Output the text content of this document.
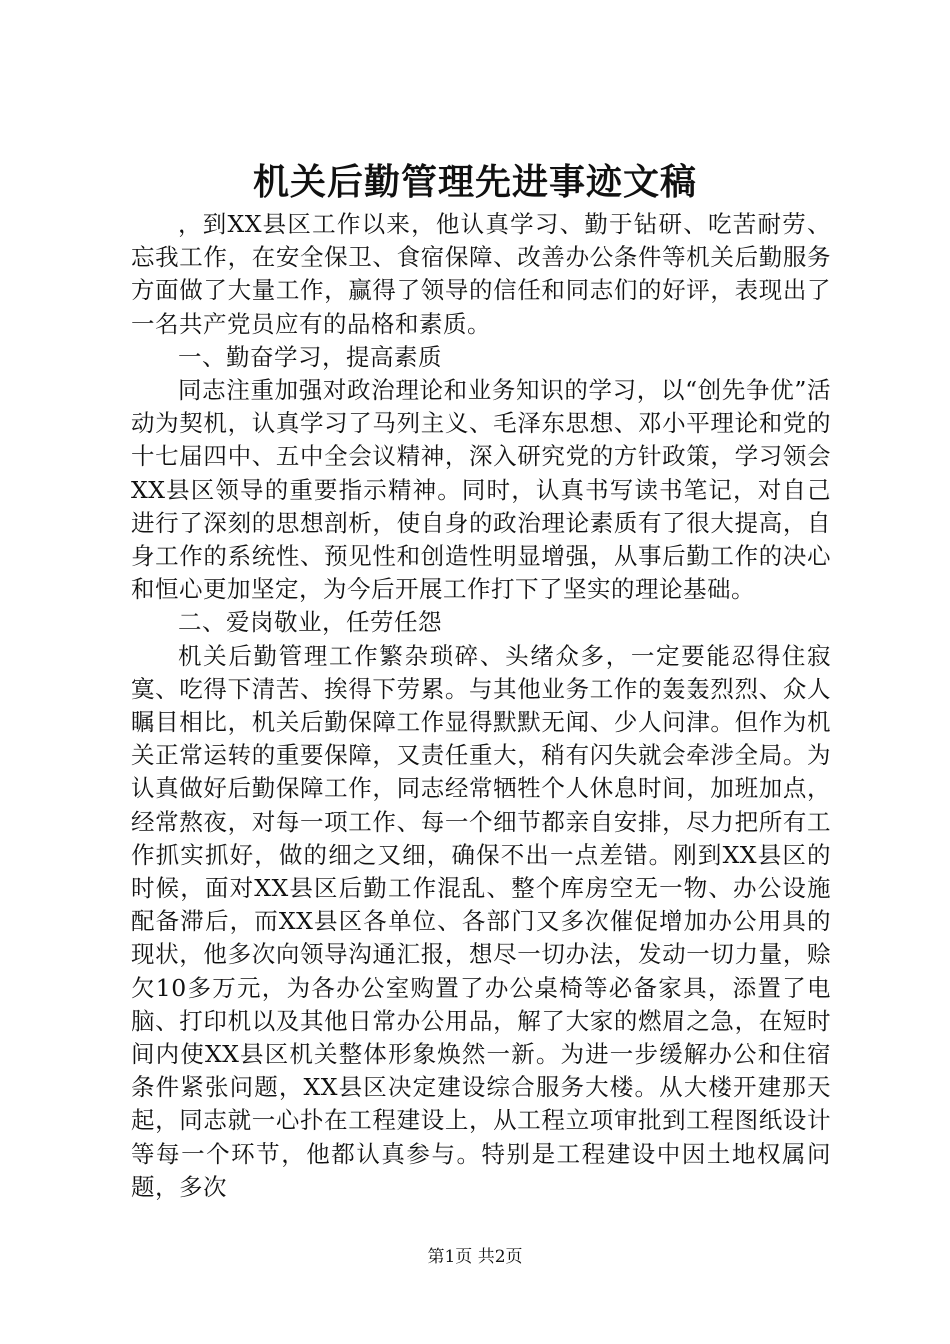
机关后勤管理先进事迹文稿

，到XX县区工作以来，他认真学习、勤于钻研、吃苦耐劳、忘我工作，在安全保卫、食宿保障、改善办公条件等机关后勤服务方面做了大量工作，赢得了领导的信任和同志们的好评，表现出了一名共产党员应有的品格和素质。

一、勤奋学习，提高素质

同志注重加强对政治理论和业务知识的学习，以“创先争优”活动为契机，认真学习了马列主义、毛泽东思想、邓小平理论和党的十七届四中、五中全会议精神，深入研究党的方针政策，学习领会XX县区领导的重要指示精神。同时，认真书写读书笔记，对自己进行了深刻的思想剖析，使自身的政治理论素质有了很大提高，自身工作的系统性、预见性和创造性明显增强，从事后勤工作的决心和恒心更加坚定，为今后开展工作打下了坚实的理论基础。

二、爱岗敬业，任劳任怨

机关后勤管理工作繁杂琐碎、头绪众多，一定要能忍得住寂寞、吃得下清苦、挨得下劳累。与其他业务工作的轰轰烈烈、众人瞩目相比，机关后勤保障工作显得默默无闻、少人问津。但作为机关正常运转的重要保障，又责任重大，稍有闪失就会牵涉全局。为认真做好后勤保障工作，同志经常牺牲个人休息时间，加班加点，经常熬夜，对每一项工作、每一个细节都亲自安排，尽力把所有工作抓实抓好，做的细之又细，确保不出一点差错。刚到XX县区的时候，面对XX县区后勤工作混乱、整个库房空无一物、办公设施配备滞后，而XX县区各单位、各部门又多次催促增加办公用具的现状，他多次向领导沟通汇报，想尽一切办法，发动一切力量，赊欠10多万元，为各办公室购置了办公桌椅等必备家具，添置了电脑、打印机以及其他日常办公用品，解了大家的燃眉之急，在短时间内使XX县区机关整体形象焕然一新。为进一步缓解办公和住宿条件紧张问题，XX县区决定建设综合服务大楼。从大楼开建那天起，同志就一心扑在工程建设上，从工程立项审批到工程图纸设计等每一个环节，他都认真参与。特别是工程建设中因土地权属问题，多次

第1页 共2页
